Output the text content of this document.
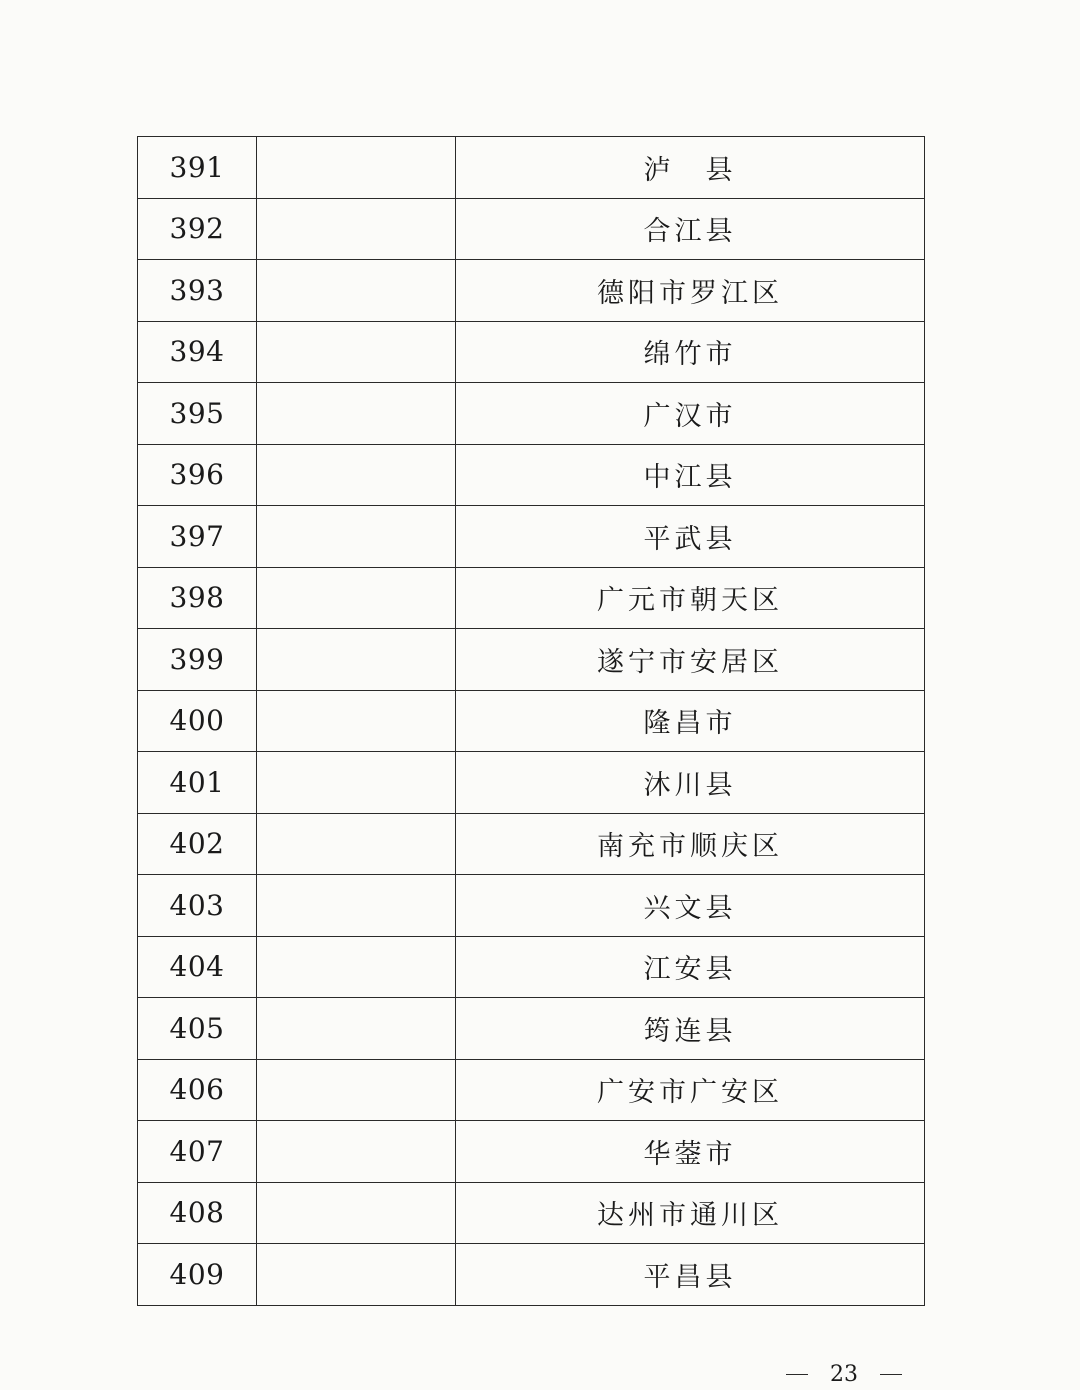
391		泸　县
392		合江县
393		德阳市罗江区
394		绵竹市
395		广汉市
396		中江县
397		平武县
398		广元市朝天区
399		遂宁市安居区
400		隆昌市
401		沐川县
402		南充市顺庆区
403		兴文县
404		江安县
405		筠连县
406		广安市广安区
407		华蓥市
408		达州市通川区
409		平昌县
23
